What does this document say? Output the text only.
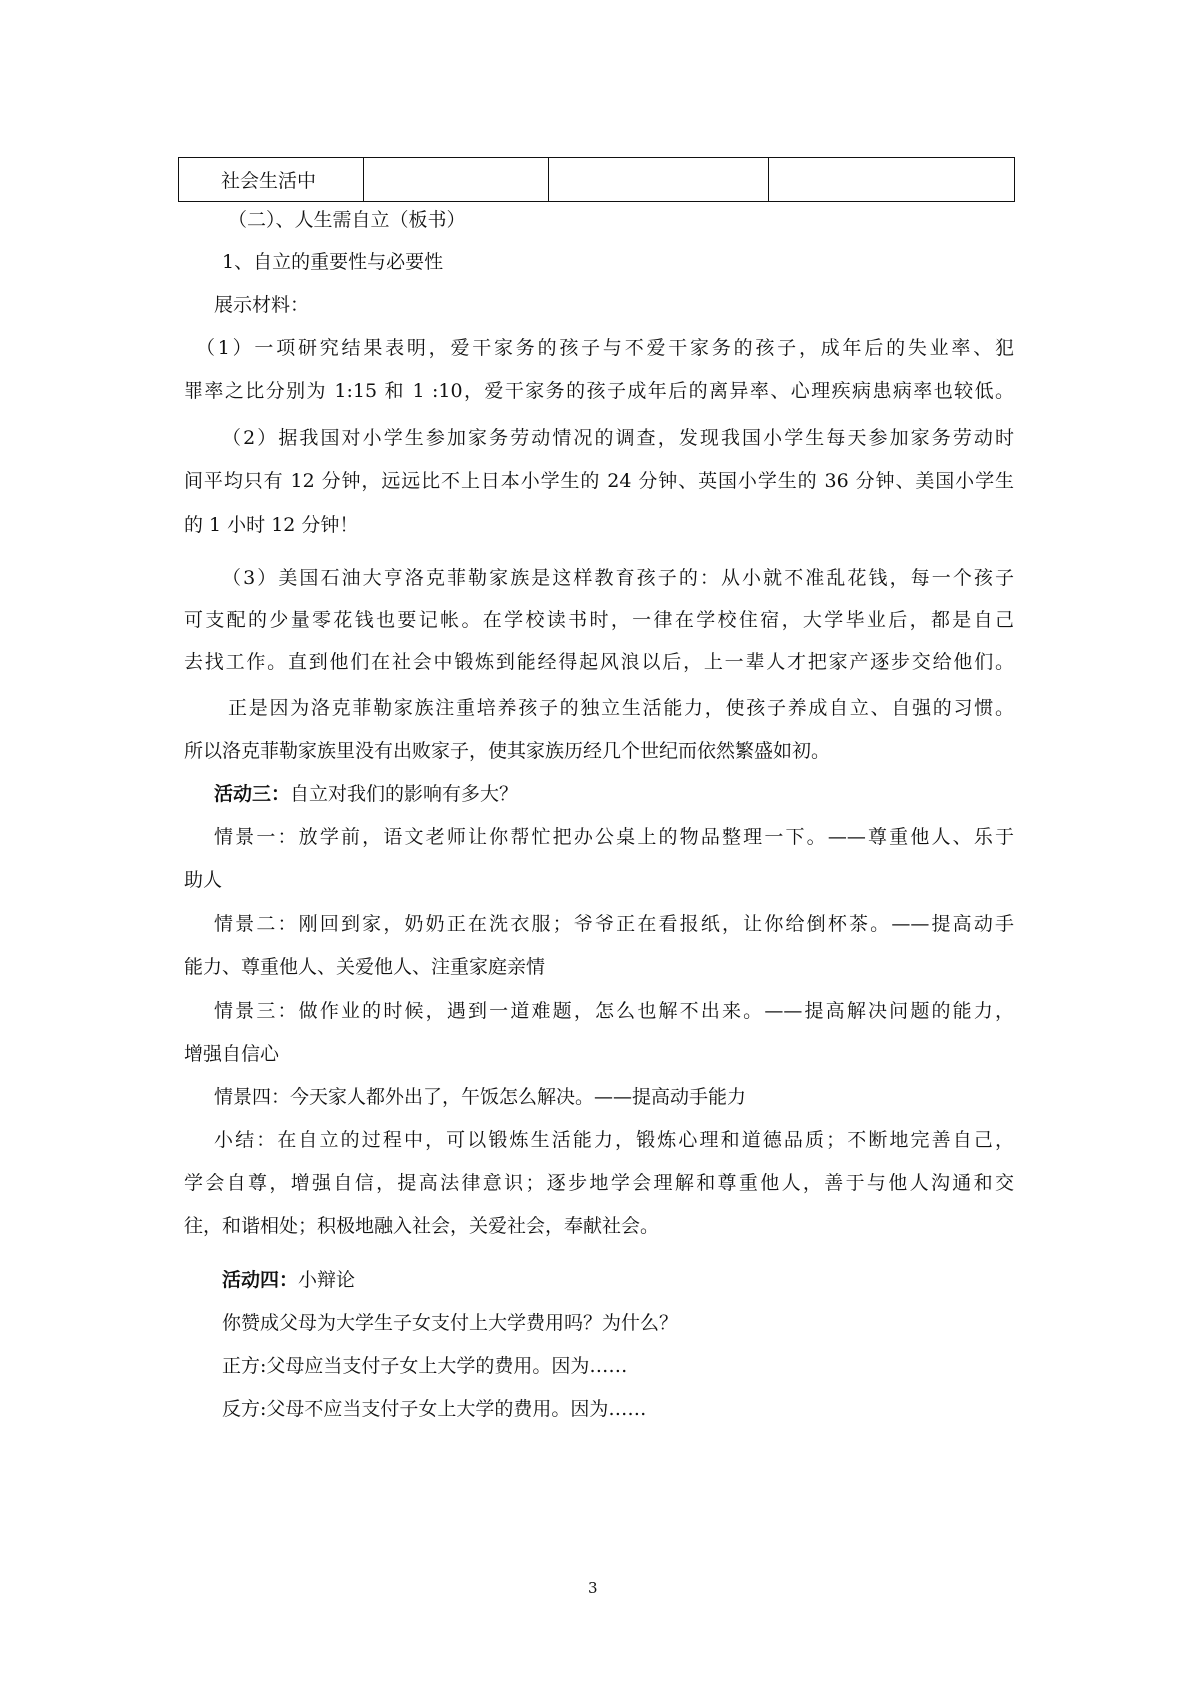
社会生活中			
（二）、人生需自立（板书）
1、自立的重要性与必要性
展示材料：
（1）一项研究结果表明，爱干家务的孩子与不爱干家务的孩子，成年后的失业率、犯
罪率之比分别为 1:15 和 1 :10，爱干家务的孩子成年后的离异率、心理疾病患病率也较低。
（2）据我国对小学生参加家务劳动情况的调查，发现我国小学生每天参加家务劳动时
间平均只有 12 分钟，远远比不上日本小学生的 24 分钟、英国小学生的 36 分钟、美国小学生
的 1 小时 12 分钟！
（3）美国石油大亨洛克菲勒家族是这样教育孩子的：从小就不准乱花钱，每一个孩子
可支配的少量零花钱也要记帐。在学校读书时，一律在学校住宿，大学毕业后，都是自己
去找工作。直到他们在社会中锻炼到能经得起风浪以后，上一辈人才把家产逐步交给他们。
正是因为洛克菲勒家族注重培养孩子的独立生活能力，使孩子养成自立、自强的习惯。
所以洛克菲勒家族里没有出败家子，使其家族历经几个世纪而依然繁盛如初。
活动三：自立对我们的影响有多大？
情景一：放学前，语文老师让你帮忙把办公桌上的物品整理一下。——尊重他人、乐于
助人
情景二：刚回到家，奶奶正在洗衣服；爷爷正在看报纸，让你给倒杯茶。——提高动手
能力、尊重他人、关爱他人、注重家庭亲情
情景三：做作业的时候，遇到一道难题，怎么也解不出来。——提高解决问题的能力，
增强自信心
情景四：今天家人都外出了，午饭怎么解决。——提高动手能力
小结：在自立的过程中，可以锻炼生活能力，锻炼心理和道德品质；不断地完善自己，
学会自尊，增强自信，提高法律意识；逐步地学会理解和尊重他人，善于与他人沟通和交
往，和谐相处；积极地融入社会，关爱社会，奉献社会。
活动四：小辩论
你赞成父母为大学生子女支付上大学费用吗？为什么？
正方:父母应当支付子女上大学的费用。因为……
反方:父母不应当支付子女上大学的费用。因为……
3
